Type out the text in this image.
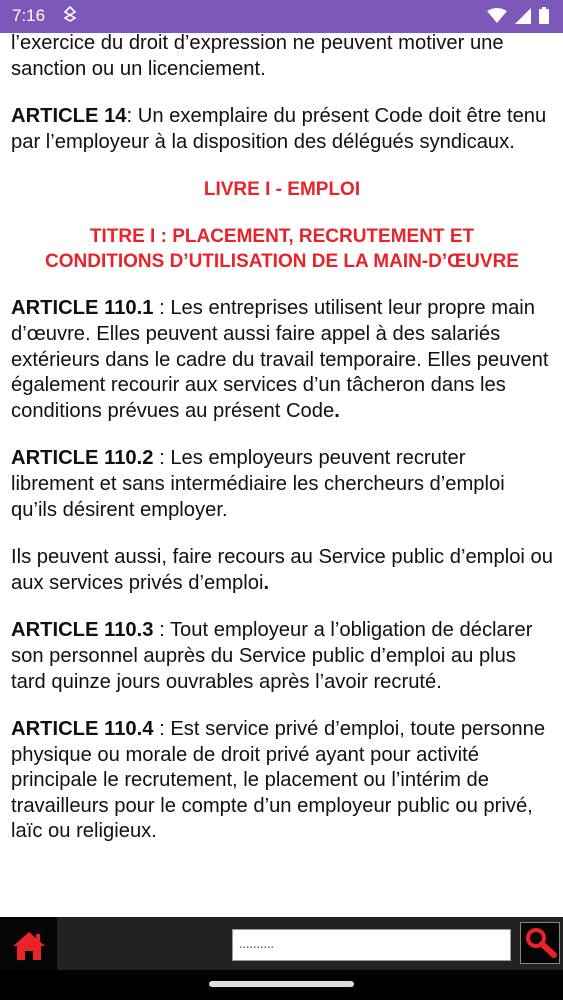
7:16

l’exercice du droit d’expression ne peuvent motiver une sanction ou un licenciement.

ARTICLE 14: Un exemplaire du présent Code doit être tenu par l’employeur à la disposition des délégués syndicaux.

LIVRE I - EMPLOI

TITRE I : PLACEMENT, RECRUTEMENT ET
CONDITIONS D’UTILISATION DE LA MAIN-D’ŒUVRE

ARTICLE 110.1 : Les entreprises utilisent leur propre main d’œuvre. Elles peuvent aussi faire appel à des salariés extérieurs dans le cadre du travail temporaire. Elles peuvent également recourir aux services d’un tâcheron dans les conditions prévues au présent Code.

ARTICLE 110.2 : Les employeurs peuvent recruter librement et sans intermédiaire les chercheurs d’emploi qu’ils désirent employer.

Ils peuvent aussi, faire recours au Service public d’emploi ou aux services privés d’emploi.

ARTICLE 110.3 : Tout employeur a l’obligation de déclarer son personnel auprès du Service public d’emploi au plus tard quinze jours ouvrables après l’avoir recruté.

ARTICLE 110.4 : Est service privé d’emploi, toute personne physique ou morale de droit privé ayant pour activité principale le recrutement, le placement ou l’intérim de travailleurs pour le compte d’un employeur public ou privé, laïc ou religieux.

..........
